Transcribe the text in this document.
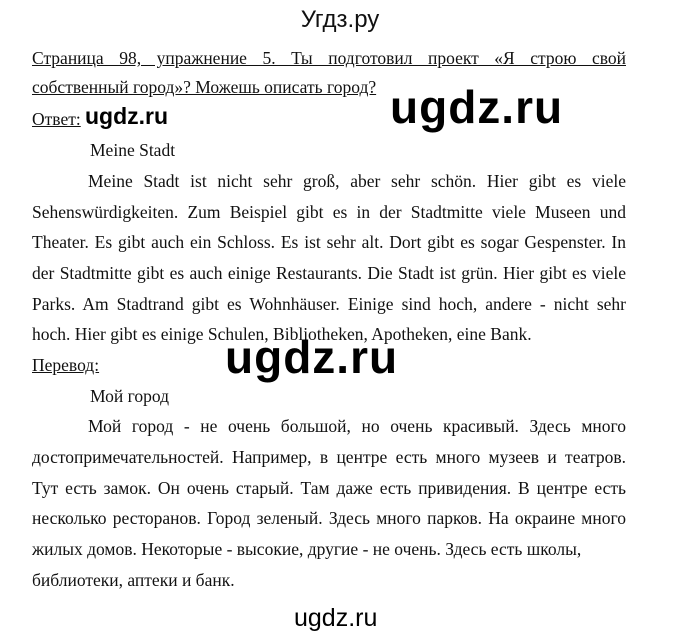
Угдз.ру
Страница 98, упражнение 5. Ты подготовил проект «Я строю свой
собственный город»? Можешь описать город?
Ответ: ugdz.ru	ugdz.ru
Meine Stadt
Meine Stadt ist nicht sehr groß, aber sehr schön. Hier gibt es viele
Sehenswürdigkeiten. Zum Beispiel gibt es in der Stadtmitte viele Museen und
Theater. Es gibt auch ein Schloss. Es ist sehr alt. Dort gibt es sogar Gespenster. In
der Stadtmitte gibt es auch einige Restaurants. Die Stadt ist grün. Hier gibt es viele
Parks. Am Stadtrand gibt es Wohnhäuser. Einige sind hoch, andere - nicht sehr
hoch. Hier gibt es einige Schulen, Bibliotheken, Apotheken, eine Bank.
Перевод:	ugdz.ru
Мой город
Мой город - не очень большой, но очень красивый. Здесь много
достопримечательностей. Например, в центре есть много музеев и театров.
Тут есть замок. Он очень старый. Там даже есть привидения. В центре есть
несколько ресторанов. Город зеленый. Здесь много парков. На окраине много
жилых домов. Некоторые - высокие, другие - не очень. Здесь есть школы,
библиотеки, аптеки и банк.
ugdz.ru
